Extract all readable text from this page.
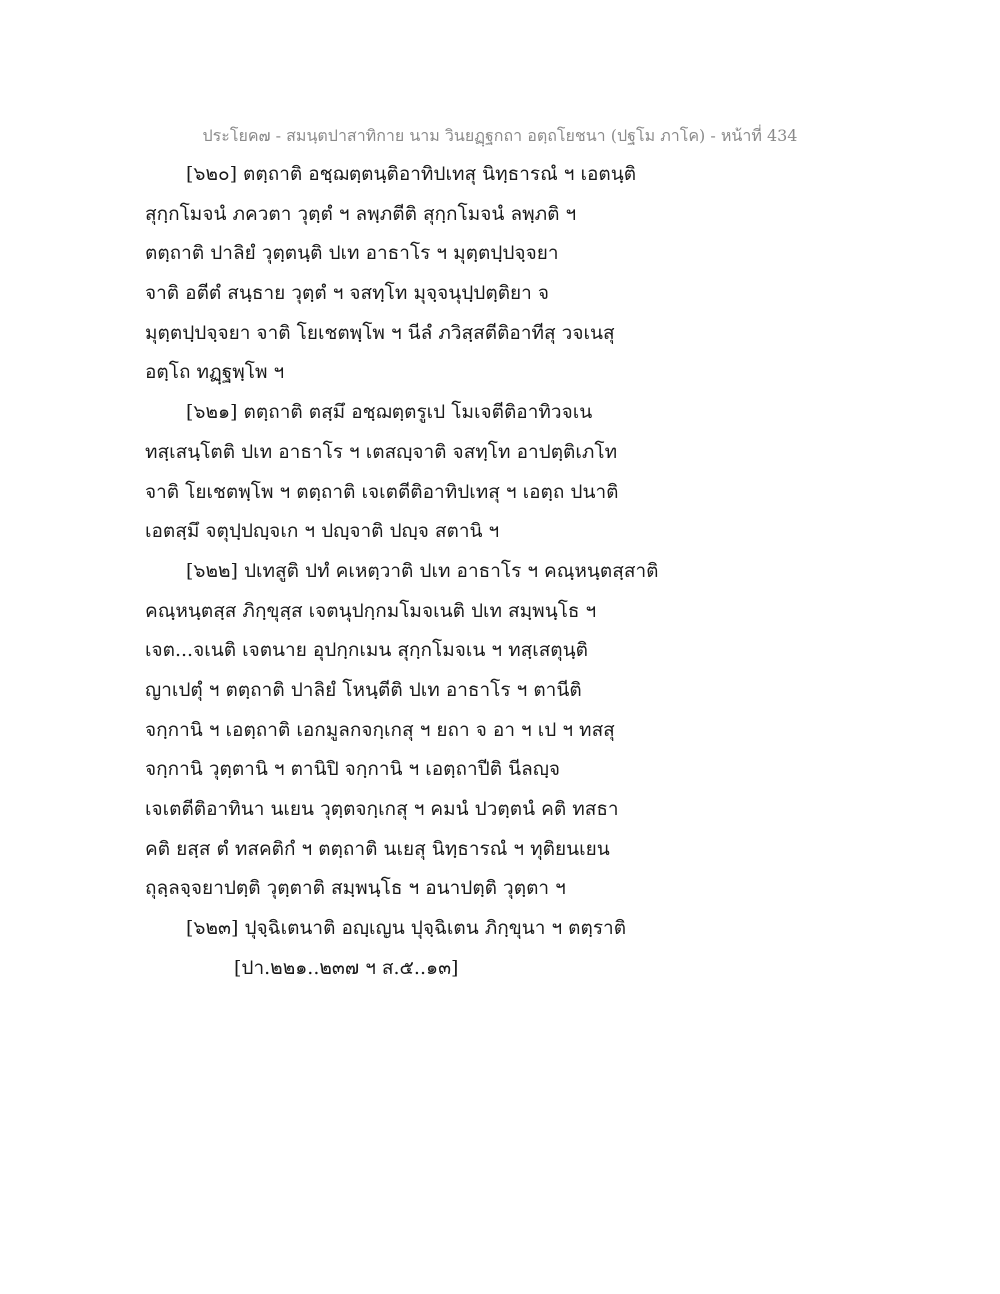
ประโยค๗ - สมนฺตปาสาทิกาย นาม วินยฏฺฐกถา อตฺถโยชนา (ปฐโม ภาโค) - หน้าที่ 434
[๖๒๐] ตตฺถาติ อชฺฌตฺตนฺติอาทิปเทสุ นิทฺธารณํ ฯ เอตนฺติ
สุกฺกโมจนํ ภควตา วุตฺตํ ฯ ลพฺภตีติ สุกฺกโมจนํ ลพฺภติ ฯ
ตตฺถาติ ปาลิยํ วุตฺตนฺติ ปเท อาธาโร ฯ มุตฺตปฺปจฺจยา
จาติ อตีตํ สนฺธาย วุตฺตํ ฯ จสทฺโท มุจฺจนุปฺปตฺติยา จ
มุตฺตปฺปจฺจยา จาติ โยเชตพฺโพ ฯ นีลํ ภวิสฺสตีติอาทีสุ วจเนสุ
อตฺโถ ทฏฺฐพฺโพ ฯ
[๖๒๑] ตตฺถาติ ตสฺมึ อชฺฌตฺตรูเป โมเจตีติอาทิวจเน
ทสฺเสนฺโตติ ปเท อาธาโร ฯ เตสญฺจาติ จสทฺโท อาปตฺติเภโท
จาติ โยเชตพฺโพ ฯ ตตฺถาติ เจเตตีติอาทิปเทสุ ฯ เอตฺถ ปนาติ
เอตสฺมึ จตุปฺปญฺจเก ฯ ปญฺจาติ ปญฺจ สตานิ ฯ
[๖๒๒] ปเทสูติ ปทํ คเหตฺวาติ ปเท อาธาโร ฯ คณฺหนฺตสฺสาติ
คณฺหนฺตสฺส ภิกฺขุสฺส เจตนุปกฺกมโมจเนติ ปเท สมฺพนฺโธ ฯ
เจต...จเนติ เจตนาย อุปกฺกเมน สุกฺกโมจเน ฯ ทสฺเสตุนฺติ
ญาเปตุํ ฯ ตตฺถาติ ปาลิยํ โหนฺตีติ ปเท อาธาโร ฯ ตานีติ
จกฺกานิ ฯ เอตฺถาติ เอกมูลกจกฺเกสุ ฯ ยถา จ อา ฯ เป ฯ ทสสุ
จกฺกานิ วุตฺตานิ ฯ ตานิปิ จกฺกานิ ฯ เอตฺถาปีติ นีลญฺจ
เจเตตีติอาทินา นเยน วุตฺตจกฺเกสุ ฯ คมนํ ปวตฺตนํ คติ ทสธา
คติ ยสฺส ตํ ทสคติกํ ฯ ตตฺถาติ นเยสุ นิทฺธารณํ ฯ ทุติยนเยน
ถุลฺลจฺจยาปตฺติ วุตฺตาติ สมฺพนฺโธ ฯ อนาปตฺติ วุตฺตา ฯ
[๖๒๓] ปุจฺฉิเตนาติ อญฺเญน ปุจฺฉิเตน ภิกฺขุนา ฯ ตตฺราติ
[ปา.๒๒๑..๒๓๗ ฯ ส.๕..๑๓]
